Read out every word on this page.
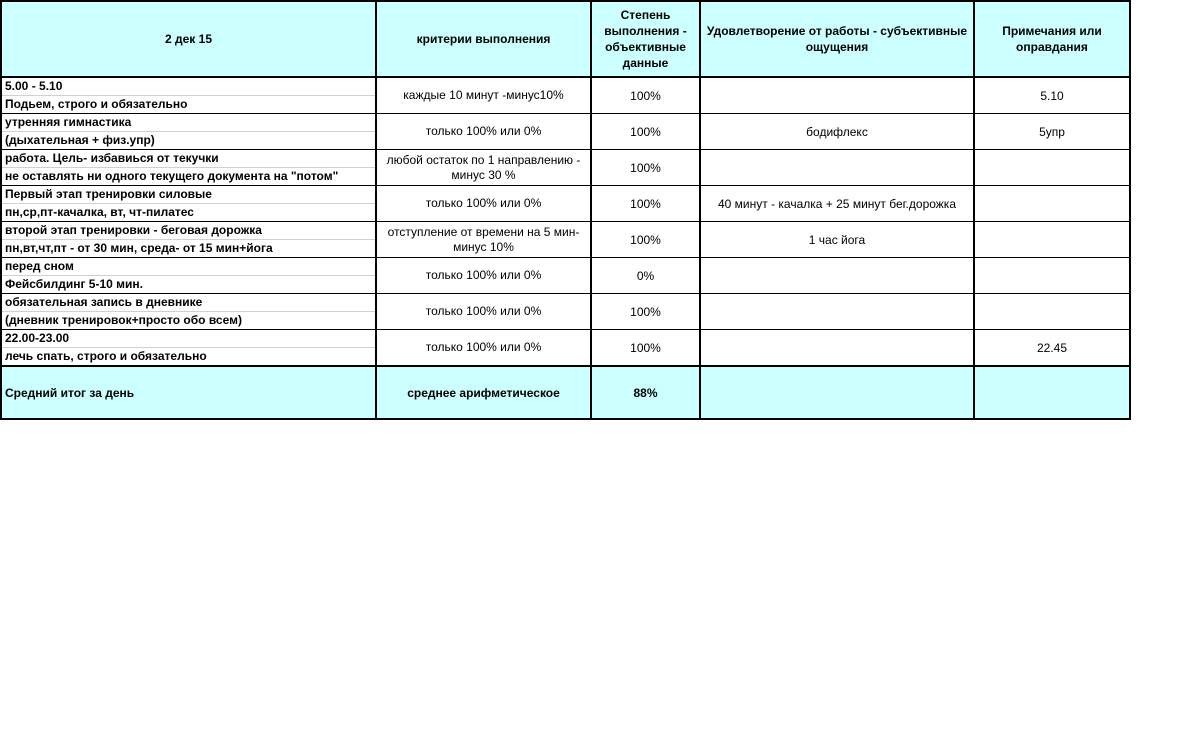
2 дек 15	критерии выполнения	Степень выполнения - объективные данные	Удовлетворение от работы - субъективные ощущения	Примечания или оправдания

5.00 - 5.10
Подьем, строго и обязательно	каждые 10 минут -минус10%	100%		5.10

утренняя гимнастика
(дыхательная + физ.упр)	только 100% или 0%	100%	бодифлекс	5упр

работа. Цель- избавиься от текучки
не оставлять ни одного текущего документа на "потом"	любой остаток по 1 направлению - минус 30 %	100%		

Первый этап тренировки силовые
пн,ср,пт-качалка, вт, чт-пилатес	только 100% или 0%	100%	40 минут - качалка + 25 минут бег.дорожка	

второй этап тренировки - беговая дорожка
пн,вт,чт,пт - от 30 мин, среда- от 15 мин+йога	отступление от времени на 5 мин- минус 10%	100%	1 час йога	

перед сном
Фейсбилдинг 5-10 мин.	только 100% или 0%	0%		

обязательная запись в дневнике
(дневник тренировок+просто обо всем)	только 100% или 0%	100%		

22.00-23.00
лечь спать, строго и обязательно	только 100% или 0%	100%		22.45
Средний итог за день	среднее арифметическое	88%		
